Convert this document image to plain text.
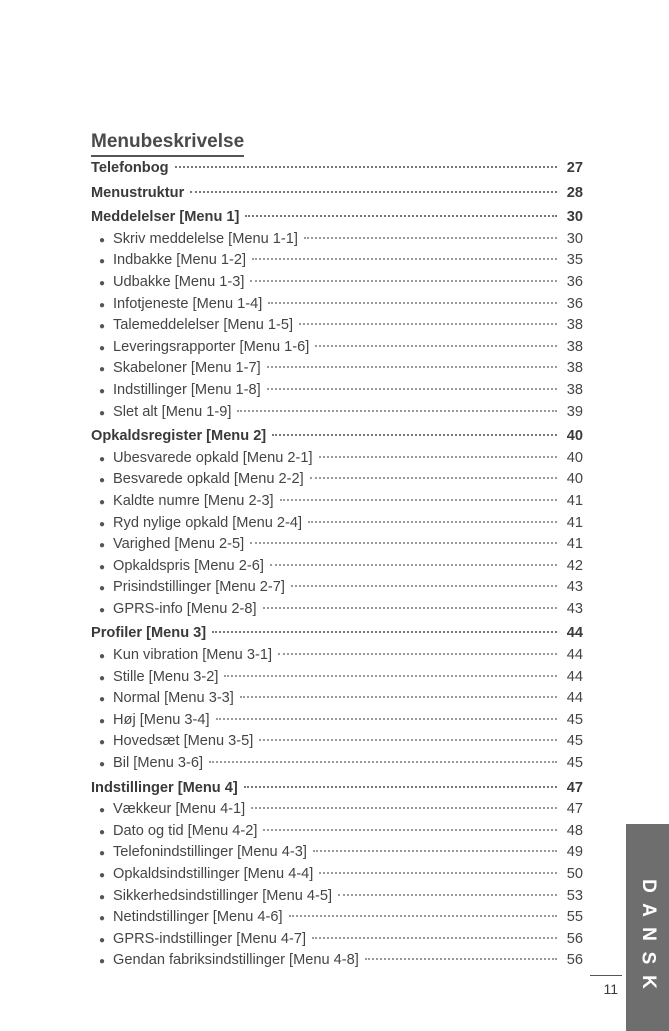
Menubeskrivelse
Telefonbog	27
Menustruktur	28
Meddelelser [Menu 1]	30
● Skriv meddelelse [Menu 1-1]	30
● Indbakke [Menu 1-2]	35
● Udbakke [Menu 1-3]	36
● Infotjeneste [Menu 1-4]	36
● Talemeddelelser [Menu 1-5]	38
● Leveringsrapporter [Menu 1-6]	38
● Skabeloner [Menu 1-7]	38
● Indstillinger [Menu 1-8]	38
● Slet alt [Menu 1-9]	39
Opkaldsregister [Menu 2]	40
● Ubesvarede opkald [Menu 2-1]	40
● Besvarede opkald [Menu 2-2]	40
● Kaldte numre [Menu 2-3]	41
● Ryd nylige opkald [Menu 2-4]	41
● Varighed [Menu 2-5]	41
● Opkaldspris [Menu 2-6]	42
● Prisindstillinger [Menu 2-7]	43
● GPRS-info [Menu 2-8]	43
Profiler [Menu 3]	44
● Kun vibration [Menu 3-1]	44
● Stille [Menu 3-2]	44
● Normal [Menu 3-3]	44
● Høj [Menu 3-4]	45
● Hovedsæt [Menu 3-5]	45
● Bil [Menu 3-6]	45
Indstillinger [Menu 4]	47
● Vækkeur [Menu 4-1]	47
● Dato og tid [Menu 4-2]	48
● Telefonindstillinger [Menu 4-3]	49
● Opkaldsindstillinger [Menu 4-4]	50
● Sikkerhedsindstillinger [Menu 4-5]	53
● Netindstillinger [Menu 4-6]	55
● GPRS-indstillinger [Menu 4-7]	56
● Gendan fabriksindstillinger [Menu 4-8]	56
D
A
N
S
K
11
